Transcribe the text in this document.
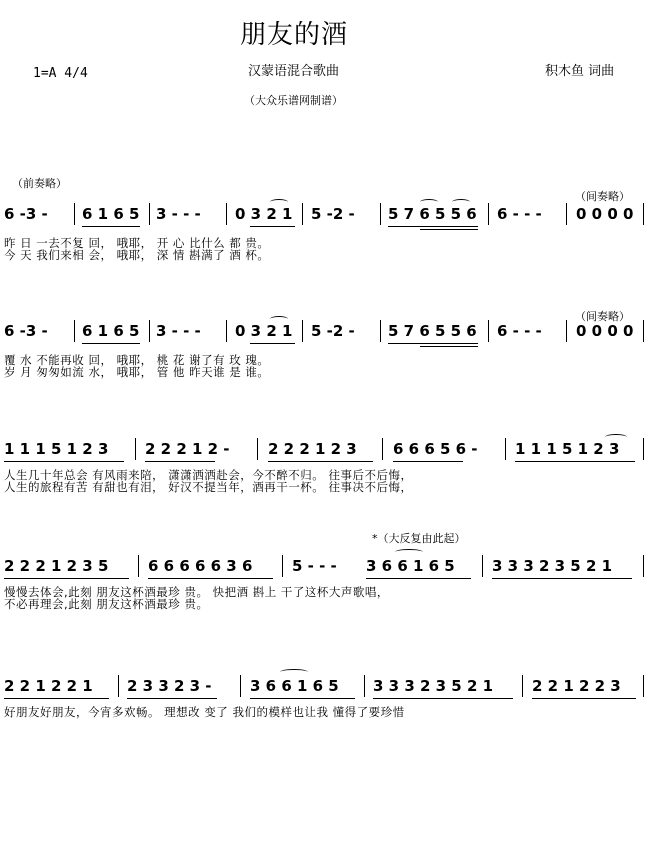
朋友的酒
1=A 4/4	汉蒙语混合歌曲	积木鱼 词曲
（大众乐谱网制谱）
（前奏略）
（间奏略）
6 -3 - 6 1 6 5 3 - - - 0 3 2 1 5 -2 - 5 7 6 5 5 6 6 - - - 0 0 0 0
昨 日 一去不复 回， 哦耶， 开 心 比什么 都 贵。
今 天 我们来相 会， 哦耶， 深 情 斟满了 酒 杯。
（间奏略）
6 -3 - 6 1 6 5 3 - - - 0 3 2 1 5 -2 - 5 7 6 5 5 6 6 - - - 0 0 0 0
覆 水 不能再收 回， 哦耶， 桃 花 谢了有 玫 瑰。
岁 月 匆匆如流 水， 哦耶， 管 他 昨天谁 是 谁。
1 1 1 5 1 2 3 2 2 2 1 2 -	2 2 2 1 2 3 6 6 6 5 6 - 1 1 1 5 1 2 3
人生几十年总会 有风雨来陪， 潇潇洒洒赴会，今不醉不归。 往事后不后悔，
人生的旅程有苦 有甜也有泪， 好汉不提当年，酒再干一杯。 往事决不后悔，
*（大反复由此起）
2 2 2 1 2 3 5	6 6 6 6 6 3 6	5 - - - 3 6 6 1 6 5 3 3 3 2 3 5 2 1
慢慢去体会,此刻 朋友这杯酒最珍 贵。 快把酒 斟上 干了这杯大声歌唱，
不必再理会,此刻 朋友这杯酒最珍 贵。
2 2 1 2 2 1 2 3 3 2 3 -	3 6 6 1 6 5 3 3 3 2 3 5 2 1	2 2 1 2 2 3
好朋友好朋友，今宵多欢畅。 理想改 变了 我们的模样也让我 懂得了要珍惜
